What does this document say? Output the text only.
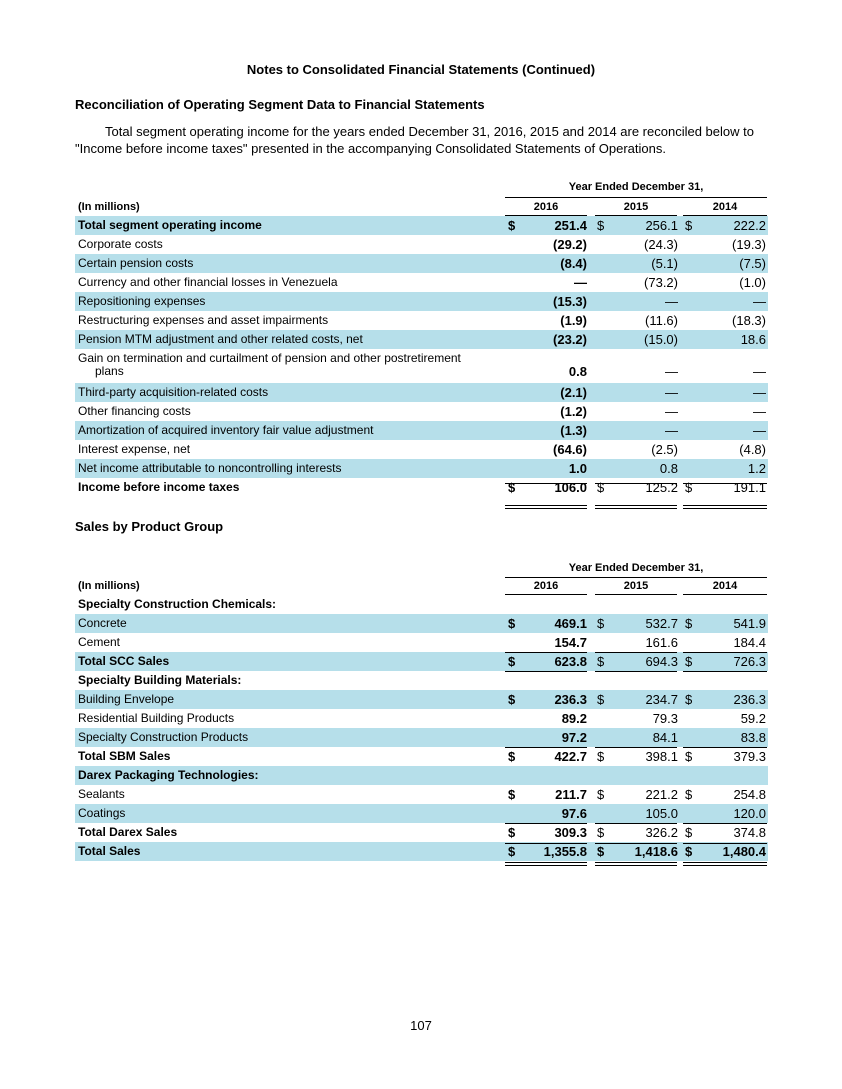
Notes to Consolidated Financial Statements (Continued)
Reconciliation of Operating Segment Data to Financial Statements
Total segment operating income for the years ended December 31, 2016, 2015 and 2014 are reconciled below to "Income before income taxes" presented in the accompanying Consolidated Statements of Operations.
Year Ended December 31,
(In millions)	2016	2015	2014
Total segment operating income	$	251.4 $	256.1 $	222.2
Corporate costs	(29.2)	(24.3)	(19.3)
Certain pension costs	(8.4)	(5.1)	(7.5)
Currency and other financial losses in Venezuela	—	(73.2)	(1.0)
Repositioning expenses	(15.3)	—	—
Restructuring expenses and asset impairments	(1.9)	(11.6)	(18.3)
Pension MTM adjustment and other related costs, net	(23.2)	(15.0)	18.6
Gain on termination and curtailment of pension and other postretirement
plans	0.8	—	—
Third-party acquisition-related costs	(2.1)	—	—
Other financing costs	(1.2)	—	—
Amortization of acquired inventory fair value adjustment	(1.3)	—	—
Interest expense, net	(64.6)	(2.5)	(4.8)
Net income attributable to noncontrolling interests	1.0	0.8	1.2
Income before income taxes	$	106.0 $	125.2 $	191.1
Sales by Product Group
Year Ended December 31,
(In millions)	2016	2015	2014
Specialty Construction Chemicals:
Concrete	$	469.1 $	532.7 $	541.9
Cement	154.7	161.6	184.4
Total SCC Sales	$	623.8 $	694.3 $	726.3
Specialty Building Materials:
Building Envelope	$	236.3 $	234.7 $	236.3
Residential Building Products	89.2	79.3	59.2
Specialty Construction Products	97.2	84.1	83.8
Total SBM Sales	$	422.7 $	398.1 $	379.3
Darex Packaging Technologies:
Sealants	$	211.7 $	221.2 $	254.8
Coatings	97.6	105.0	120.0
Total Darex Sales	$	309.3 $	326.2 $	374.8
Total Sales	$	1,355.8 $	1,418.6 $	1,480.4
107
